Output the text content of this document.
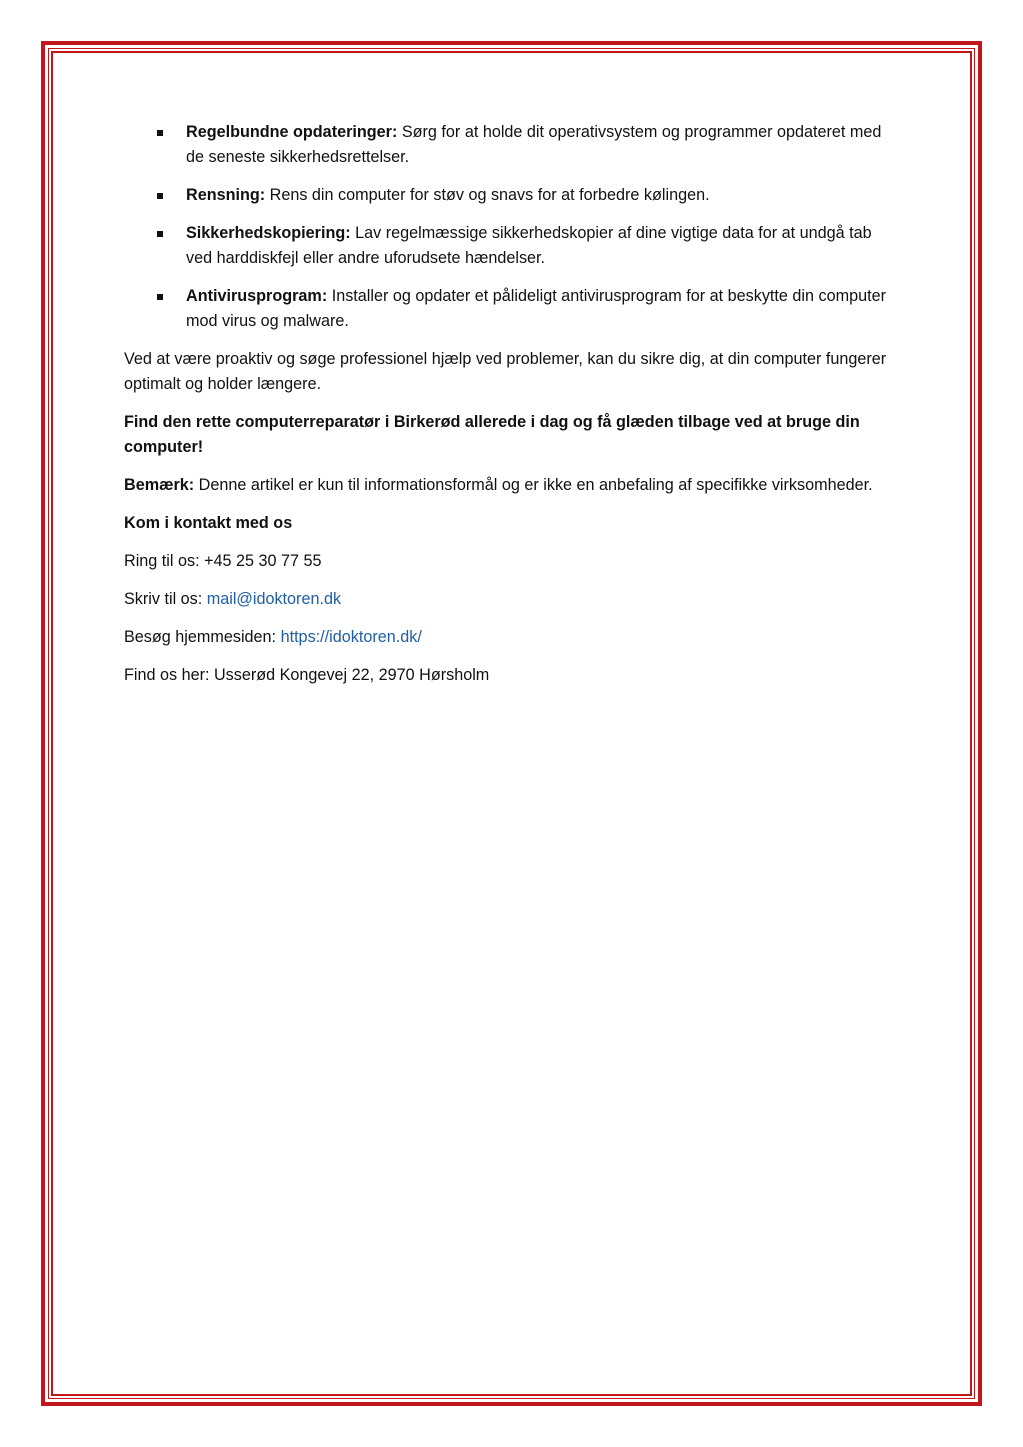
Regelbundne opdateringer: Sørg for at holde dit operativsystem og programmer opdateret med de seneste sikkerhedsrettelser.
Rensning: Rens din computer for støv og snavs for at forbedre kølingen.
Sikkerhedskopiering: Lav regelmæssige sikkerhedskopier af dine vigtige data for at undgå tab ved harddiskfejl eller andre uforudsete hændelser.
Antivirusprogram: Installer og opdater et pålideligt antivirusprogram for at beskytte din computer mod virus og malware.

Ved at være proaktiv og søge professionel hjælp ved problemer, kan du sikre dig, at din computer fungerer optimalt og holder længere.

Find den rette computerreparatør i Birkerød allerede i dag og få glæden tilbage ved at bruge din computer!

Bemærk: Denne artikel er kun til informationsformål og er ikke en anbefaling af specifikke virksomheder.

Kom i kontakt med os

Ring til os: +45 25 30 77 55

Skriv til os: mail@idoktoren.dk

Besøg hjemmesiden: https://idoktoren.dk/

Find os her: Usserød Kongevej 22, 2970 Hørsholm
